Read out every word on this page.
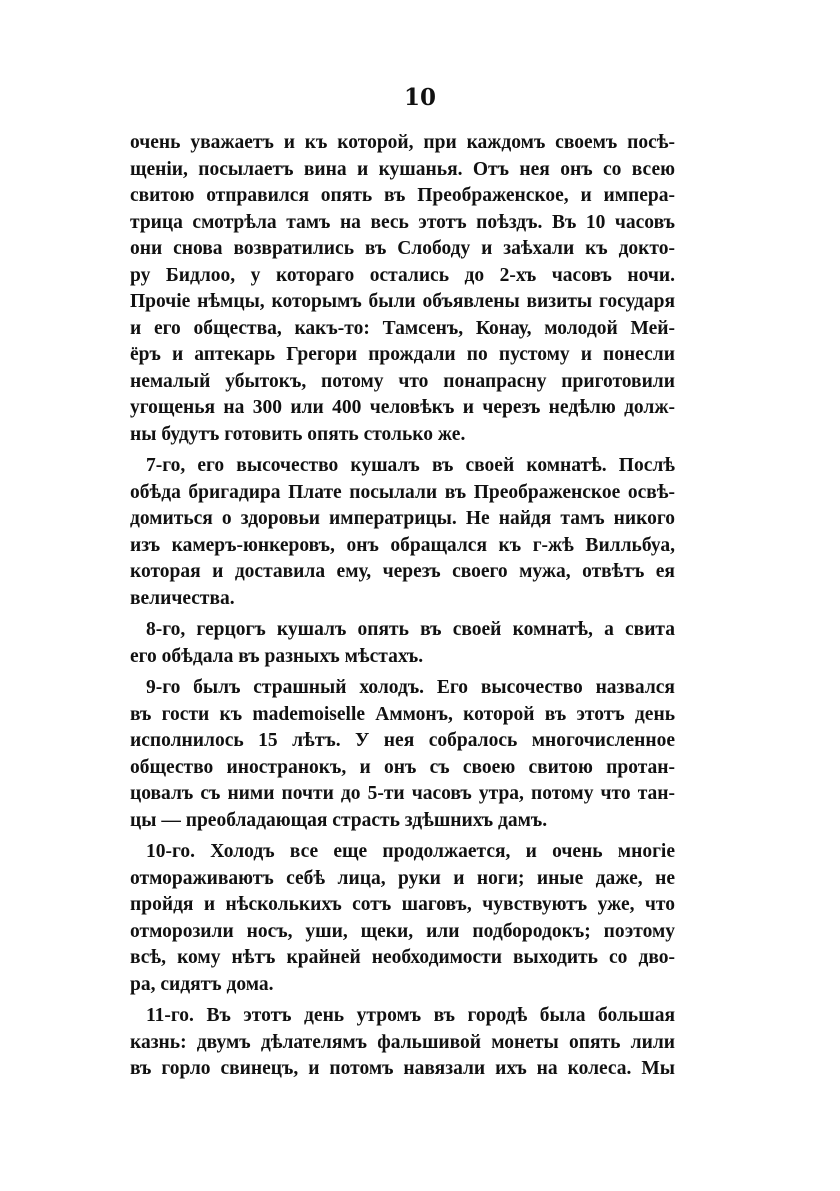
10
очень уважаетъ и къ которой, при каждомъ своемъ посѣ-
щеніи, посылаетъ вина и кушанья. Отъ нея онъ со всею
свитою отправился опять въ Преображенское, и импера-
трица смотрѣла тамъ на весь этотъ поѣздъ. Въ 10 часовъ
они снова возвратились въ Слободу и заѣхали къ докто-
ру Бидлоо, у котораго остались до 2-хъ часовъ ночи.
Прочіе нѣмцы, которымъ были объявлены визиты государя
и его общества, какъ-то: Тамсенъ, Конау, молодой Мей-
ёръ и аптекарь Грегори прождали по пустому и понесли
немалый убытокъ, потому что понапрасну приготовили
угощенья на 300 или 400 человѣкъ и черезъ недѣлю долж-
ны будутъ готовить опять столько же.
7-го, его высочество кушалъ въ своей комнатѣ. Послѣ
обѣда бригадира Плате посылали въ Преображенское освѣ-
домиться о здоровьи императрицы. Не найдя тамъ никого
изъ камеръ-юнкеровъ, онъ обращался къ г-жѣ Вилльбуа,
которая и доставила ему, черезъ своего мужа, отвѣтъ ея
величества.
8-го, герцогъ кушалъ опять въ своей комнатѣ, а свита
его обѣдала въ разныхъ мѣстахъ.
9-го былъ страшный холодъ. Его высочество назвался
въ гости къ mademoiselle Аммонъ, которой въ этотъ день
исполнилось 15 лѣтъ. У нея собралось многочисленное
общество иностранокъ, и онъ съ своею свитою протан-
цовалъ съ ними почти до 5-ти часовъ утра, потому что тан-
цы — преобладающая страсть здѣшнихъ дамъ.
10-го. Холодъ все еще продолжается, и очень многіе
отмораживаютъ себѣ лица, руки и ноги; иные даже, не
пройдя и нѣсколькихъ сотъ шаговъ, чувствуютъ уже, что
отморозили носъ, уши, щеки, или подбородокъ; поэтому
всѣ, кому нѣтъ крайней необходимости выходить со дво-
ра, сидятъ дома.
11-го. Въ этотъ день утромъ въ городѣ была большая
казнь: двумъ дѣлателямъ фальшивой монеты опять лили
въ горло свинецъ, и потомъ навязали ихъ на колеса. Мы
